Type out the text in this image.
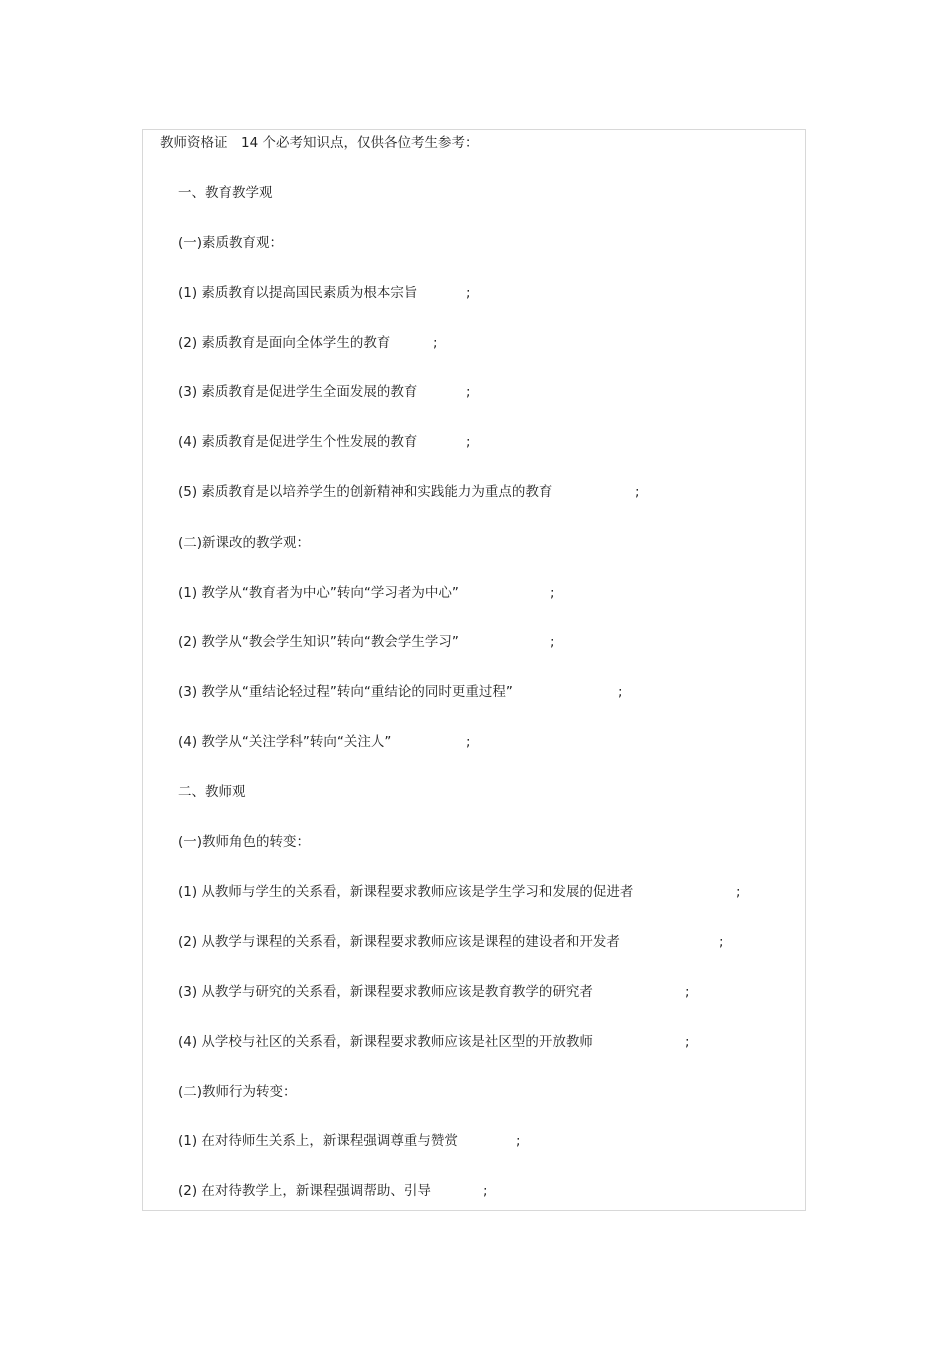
教师资格证　14 个必考知识点，仅供各位考生参考：
一、教育教学观
(一)素质教育观：
(1) 素质教育以提高国民素质为根本宗旨	;
(2) 素质教育是面向全体学生的教育	;
(3) 素质教育是促进学生全面发展的教育	;
(4) 素质教育是促进学生个性发展的教育	;
(5) 素质教育是以培养学生的创新精神和实践能力为重点的教育	;
(二)新课改的教学观：
(1) 教学从“教育者为中心”转向“学习者为中心”	;
(2) 教学从“教会学生知识”转向“教会学生学习”	;
(3) 教学从“重结论轻过程”转向“重结论的同时更重过程”	;
(4) 教学从“关注学科”转向“关注人”	;
二、教师观
(一)教师角色的转变：
(1) 从教师与学生的关系看，新课程要求教师应该是学生学习和发展的促进者	;
(2) 从教学与课程的关系看，新课程要求教师应该是课程的建设者和开发者	;
(3) 从教学与研究的关系看，新课程要求教师应该是教育教学的研究者	;
(4) 从学校与社区的关系看，新课程要求教师应该是社区型的开放教师	;
(二)教师行为转变：
(1) 在对待师生关系上，新课程强调尊重与赞赏	;
(2) 在对待教学上，新课程强调帮助、引导	;
